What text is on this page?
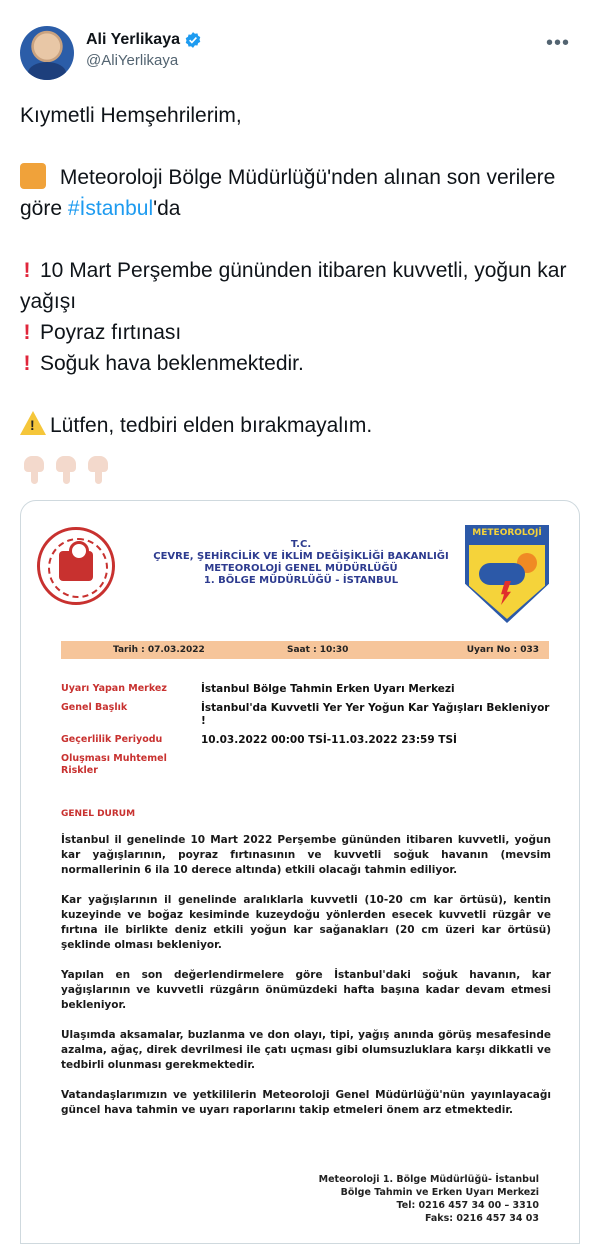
Ali Yerlikaya
@AliYerlikaya
•••

Kıymetli Hemşehrilerim,

Meteoroloji Bölge Müdürlüğü'nden alınan son verilere göre #İstanbul'da

! 10 Mart Perşembe gününden itibaren kuvvetli, yoğun kar yağışı

! Poyraz fırtınası

! Soğuk hava beklenmektedir.

! Lütfen, tedbiri elden bırakmayalım.

T.C.
ÇEVRE, ŞEHİRCİLİK VE İKLİM DEĞİŞİKLİĞİ BAKANLIĞI
METEOROLOJİ GENEL MÜDÜRLÜĞÜ
1. BÖLGE MÜDÜRLÜĞÜ - İSTANBUL
METEOROLOJİ
Tarih : 07.03.2022	Saat : 10:30	Uyarı No : 033
Uyarı Yapan Merkez	İstanbul Bölge Tahmin Erken Uyarı Merkezi
Genel Başlık	İstanbul'da Kuvvetli Yer Yer Yoğun Kar Yağışları Bekleniyor !
Geçerlilik Periyodu	10.03.2022 00:00 TSİ-11.03.2022 23:59 TSİ
Oluşması Muhtemel Riskler
GENEL DURUM

İstanbul il genelinde 10 Mart 2022 Perşembe gününden itibaren kuvvetli, yoğun kar yağışlarının, poyraz fırtınasının ve kuvvetli soğuk havanın (mevsim normallerinin 6 ila 10 derece altında) etkili olacağı tahmin ediliyor.

Kar yağışlarının il genelinde aralıklarla kuvvetli (10-20 cm kar örtüsü), kentin kuzeyinde ve boğaz kesiminde kuzeydoğu yönlerden esecek kuvvetli rüzgâr ve fırtına ile birlikte deniz etkili yoğun kar sağanakları (20 cm üzeri kar örtüsü) şeklinde olması bekleniyor.

Yapılan en son değerlendirmelere göre İstanbul'daki soğuk havanın, kar yağışlarının ve kuvvetli rüzgârın önümüzdeki hafta başına kadar devam etmesi bekleniyor.

Ulaşımda aksamalar, buzlanma ve don olayı, tipi, yağış anında görüş mesafesinde azalma, ağaç, direk devrilmesi ile çatı uçması gibi olumsuzluklara karşı dikkatli ve tedbirli olunması gerekmektedir.

Vatandaşlarımızın ve yetkililerin Meteoroloji Genel Müdürlüğü'nün yayınlayacağı güncel hava tahmin ve uyarı raporlarını takip etmeleri önem arz etmektedir.

Meteoroloji 1. Bölge Müdürlüğü- İstanbul
Bölge Tahmin ve Erken Uyarı Merkezi
Tel: 0216 457 34 00 – 3310
Faks: 0216 457 34 03
